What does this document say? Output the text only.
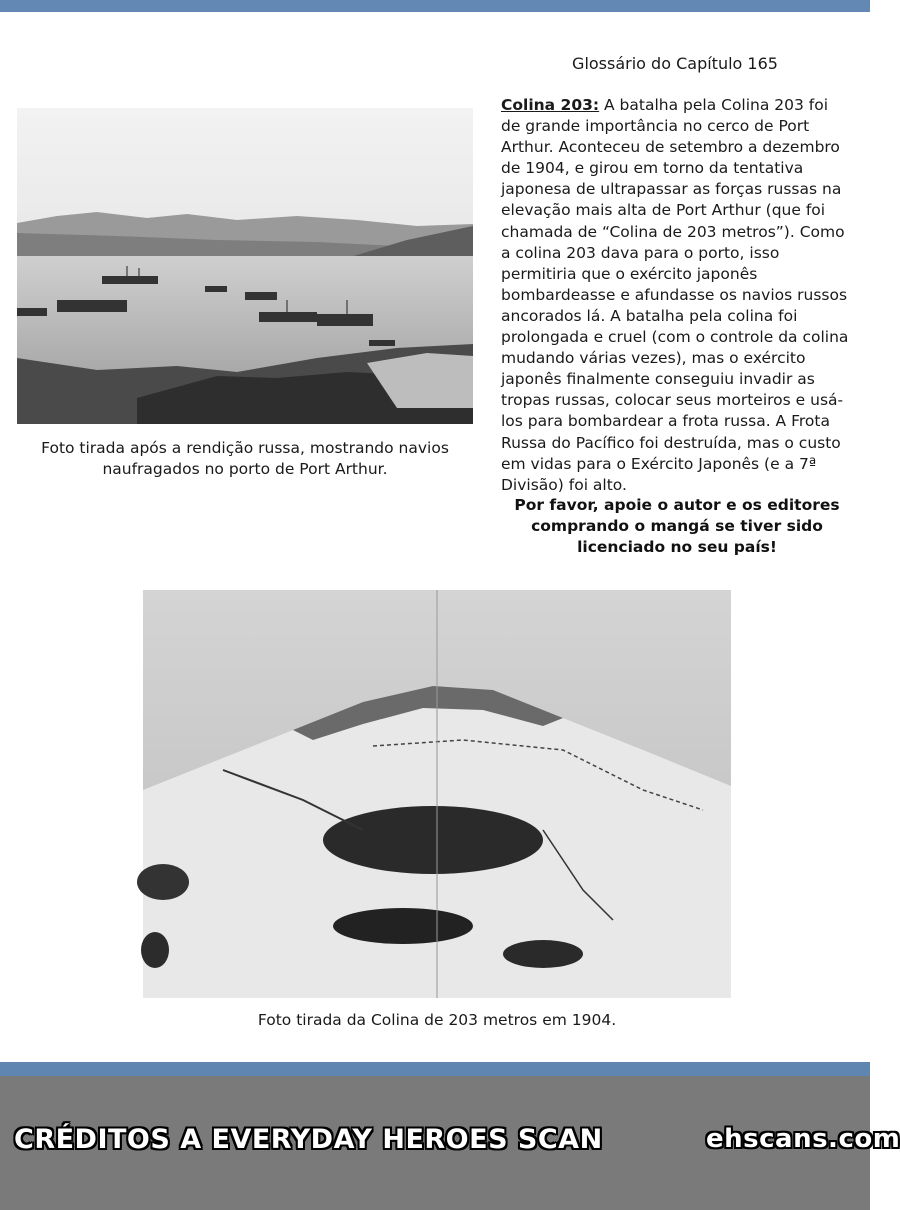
Glossário do Capítulo 165
Foto tirada após a rendição russa, mostrando navios naufragados no porto de Port Arthur.
Colina 203: A batalha pela Colina 203 foi de grande importância no cerco de Port Arthur. Aconteceu de setembro a dezembro de 1904, e girou em torno da tentativa japonesa de ultrapassar as forças russas na elevação mais alta de Port Arthur (que foi chamada de “Colina de 203 metros”). Como a colina 203 dava para o porto, isso permitiria que o exército japonês bombardeasse e afundasse os navios russos ancorados lá. A batalha pela colina foi prolongada e cruel (com o controle da colina mudando várias vezes), mas o exército japonês finalmente conseguiu invadir as tropas russas, colocar seus morteiros e usá-los para bombardear a frota russa. A Frota Russa do Pacífico foi destruída, mas o custo em vidas para o Exército Japonês (e a 7ª Divisão) foi alto.
Por favor, apoie o autor e os editores comprando o mangá se tiver sido licenciado no seu país!
Foto tirada da Colina de 203 metros em 1904.
CRÉDITOS A EVERYDAY HEROES SCAN	ehscans.com
